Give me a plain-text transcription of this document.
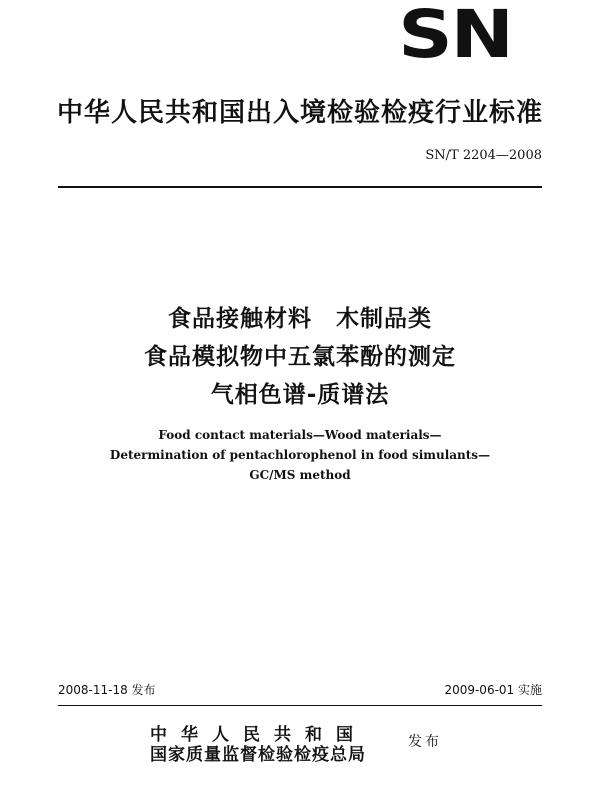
SN
中华人民共和国出入境检验检疫行业标准
SN/T 2204—2008
食品接触材料　木制品类
食品模拟物中五氯苯酚的测定
气相色谱-质谱法
Food contact materials—Wood materials—
Determination of pentachlorophenol in food simulants—
GC/MS method
2008-11-18 发布	2009-06-01 实施
中华人民共和国
国家质量监督检验检疫总局
发布
